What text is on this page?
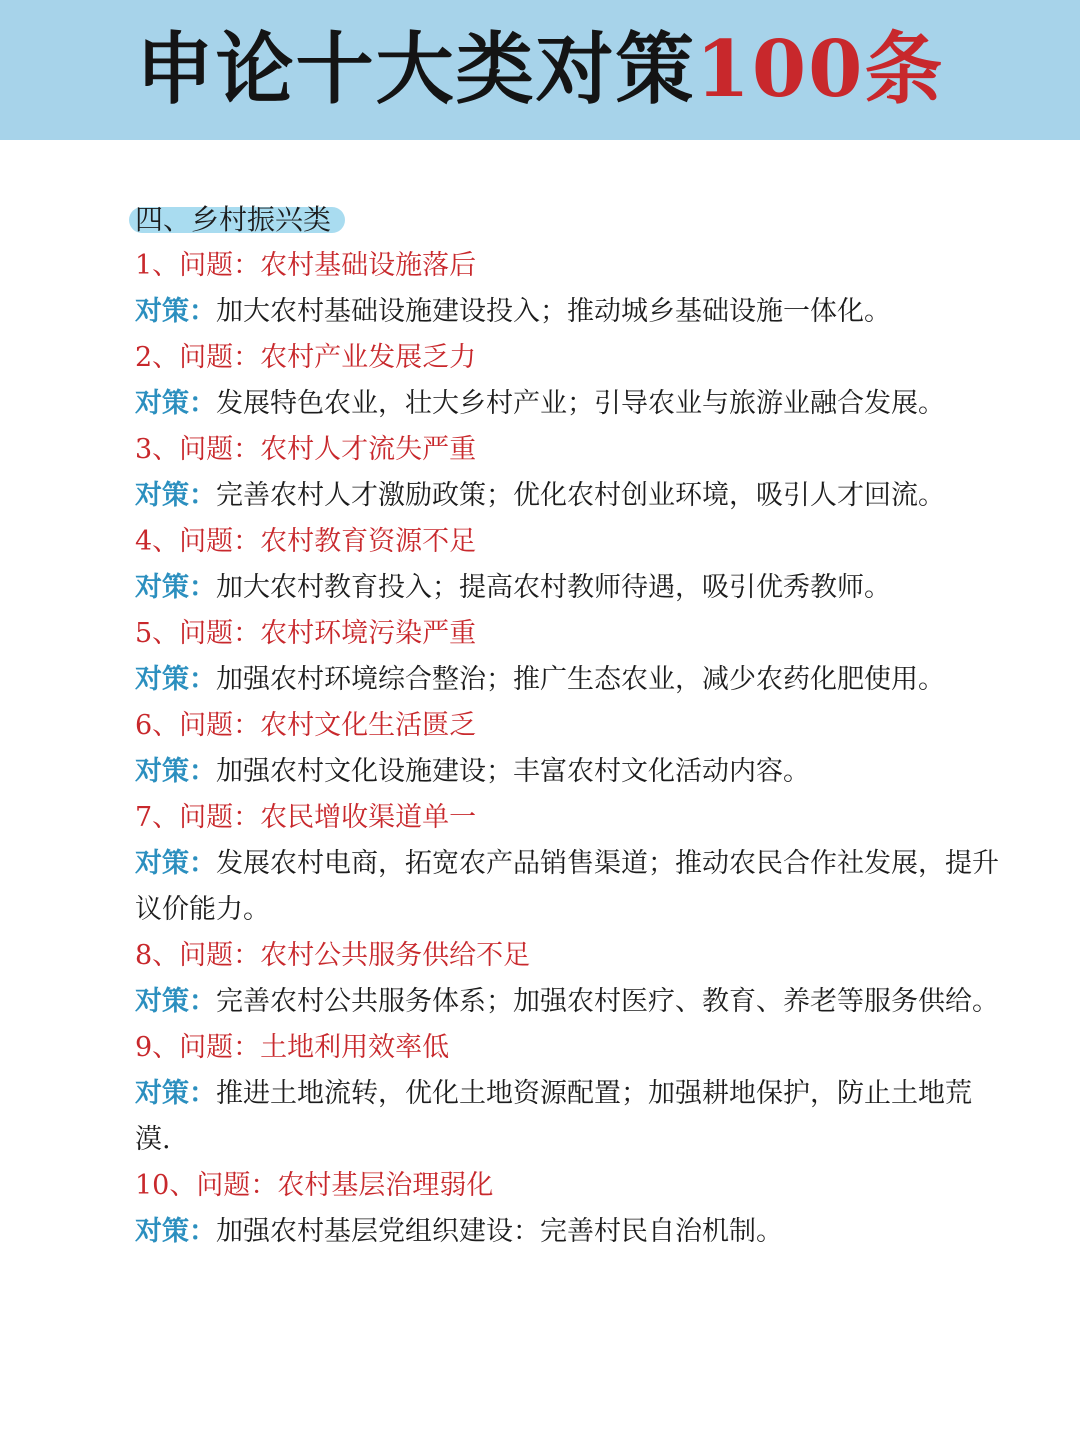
申论十大类对策100条
四、乡村振兴类
1、问题：农村基础设施落后
对策：加大农村基础设施建设投入；推动城乡基础设施一体化。
2、问题：农村产业发展乏力
对策：发展特色农业，壮大乡村产业；引导农业与旅游业融合发展。
3、问题：农村人才流失严重
对策：完善农村人才激励政策；优化农村创业环境，吸引人才回流。
4、问题：农村教育资源不足
对策：加大农村教育投入；提高农村教师待遇，吸引优秀教师。
5、问题：农村环境污染严重
对策：加强农村环境综合整治；推广生态农业，减少农药化肥使用。
6、问题：农村文化生活匮乏
对策：加强农村文化设施建设；丰富农村文化活动内容。
7、问题：农民增收渠道单一
对策：发展农村电商，拓宽农产品销售渠道；推动农民合作社发展，提升议价能力。
8、问题：农村公共服务供给不足
对策：完善农村公共服务体系；加强农村医疗、教育、养老等服务供给。
9、问题：土地利用效率低
对策：推进土地流转，优化土地资源配置；加强耕地保护，防止土地荒漠.
10、问题：农村基层治理弱化
对策：加强农村基层党组织建设：完善村民自治机制。
